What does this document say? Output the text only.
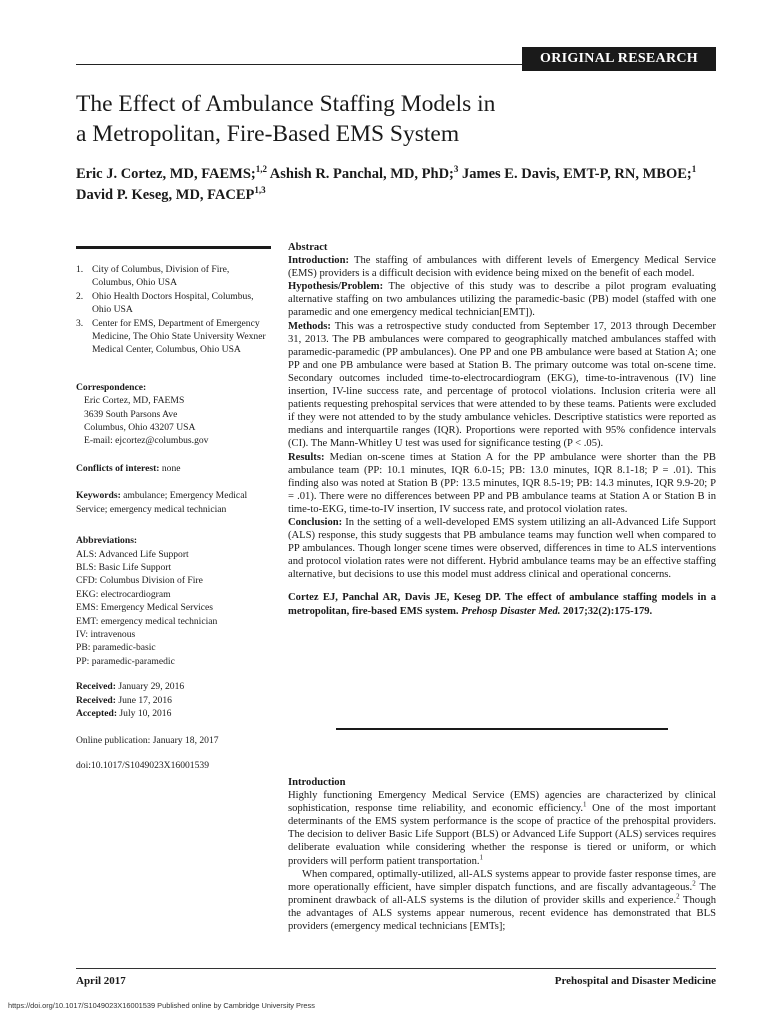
ORIGINAL RESEARCH
The Effect of Ambulance Staffing Models in
a Metropolitan, Fire-Based EMS System
Eric J. Cortez, MD, FAEMS;$^{1,2}$ Ashish R. Panchal, MD, PhD;$^3$ James E. Davis, EMT-P, RN, MBOE;$^1$
David P. Keseg, MD, FACEP$^{1,3}$
1. City of Columbus, Division of Fire, Columbus, Ohio USA
2. Ohio Health Doctors Hospital, Columbus, Ohio USA
3. Center for EMS, Department of Emergency Medicine, The Ohio State University Wexner Medical Center, Columbus, Ohio USA
Correspondence:
Eric Cortez, MD, FAEMS
3639 South Parsons Ave
Columbus, Ohio 43207 USA
E-mail: ejcortez@columbus.gov
Conflicts of interest: none
Keywords: ambulance; Emergency Medical Service; emergency medical technician
Abbreviations:
ALS: Advanced Life Support
BLS: Basic Life Support
CFD: Columbus Division of Fire
EKG: electrocardiogram
EMS: Emergency Medical Services
EMT: emergency medical technician
IV: intravenous
PB: paramedic-basic
PP: paramedic-paramedic
Received: January 29, 2016
Received: June 17, 2016
Accepted: July 10, 2016
Online publication: January 18, 2017
doi:10.1017/S1049023X16001539

Abstract

Introduction: The staffing of ambulances with different levels of Emergency Medical Service (EMS) providers is a difficult decision with evidence being mixed on the benefit of each model.

Hypothesis/Problem: The objective of this study was to describe a pilot program evaluating alternative staffing on two ambulances utilizing the paramedic-basic (PB) model (staffed with one paramedic and one emergency medical technician[EMT]).

Methods: This was a retrospective study conducted from September 17, 2013 through December 31, 2013. The PB ambulances were compared to geographically matched ambulances staffed with paramedic-paramedic (PP ambulances). One PP and one PB ambulance were based at Station A; one PP and one PB ambulance were based at Station B. The primary outcome was total on-scene time. Secondary outcomes included time-to-electrocardiogram (EKG), time-to-intravenous (IV) line insertion, IV-line success rate, and percentage of protocol violations. Inclusion criteria were all patients requesting prehospital services that were attended to by these teams. Patients were excluded if they were not attended to by the study ambulance vehicles. Descriptive statistics were reported as medians and interquartile ranges (IQR). Proportions were reported with 95% confidence intervals (CI). The Mann-Whitley U test was used for significance testing (P < .05).

Results: Median on-scene times at Station A for the PP ambulance were shorter than the PB ambulance team (PP: 10.1 minutes, IQR 6.0-15; PB: 13.0 minutes, IQR 8.1-18; P = .01). This finding also was noted at Station B (PP: 13.5 minutes, IQR 8.5-19; PB: 14.3 minutes, IQR 9.9-20; P = .01). There were no differences between PP and PB ambulance teams at Station A or Station B in time-to-EKG, time-to-IV insertion, IV success rate, and protocol violation rates.

Conclusion: In the setting of a well-developed EMS system utilizing an all-Advanced Life Support (ALS) response, this study suggests that PB ambulance teams may function well when compared to PP ambulances. Though longer scene times were observed, differences in time to ALS interventions and protocol violation rates were not different. Hybrid ambulance teams may be an effective staffing alternative, but decisions to use this model must address clinical and operational concerns.

Cortez EJ, Panchal AR, Davis JE, Keseg DP. The effect of ambulance staffing models in a metropolitan, fire-based EMS system. Prehosp Disaster Med. 2017;32(2):175-179.

Introduction

Highly functioning Emergency Medical Service (EMS) agencies are characterized by clinical sophistication, response time reliability, and economic efficiency.$^1$ One of the most important determinants of the EMS system performance is the scope of practice of the prehospital providers. The decision to deliver Basic Life Support (BLS) or Advanced Life Support (ALS) services requires deliberate evaluation while considering whether the response is tiered or uniform, or which providers will perform patient transportation.$^1$

When compared, optimally-utilized, all-ALS systems appear to provide faster response times, are more operationally efficient, have simpler dispatch functions, and are fiscally advantageous.$^2$ The prominent drawback of all-ALS systems is the dilution of provider skills and experience.$^2$ Though the advantages of ALS systems appear numerous, recent evidence has demonstrated that BLS providers (emergency medical technicians [EMTs];

April 2017	Prehospital and Disaster Medicine
https://doi.org/10.1017/S1049023X16001539 Published online by Cambridge University Press
